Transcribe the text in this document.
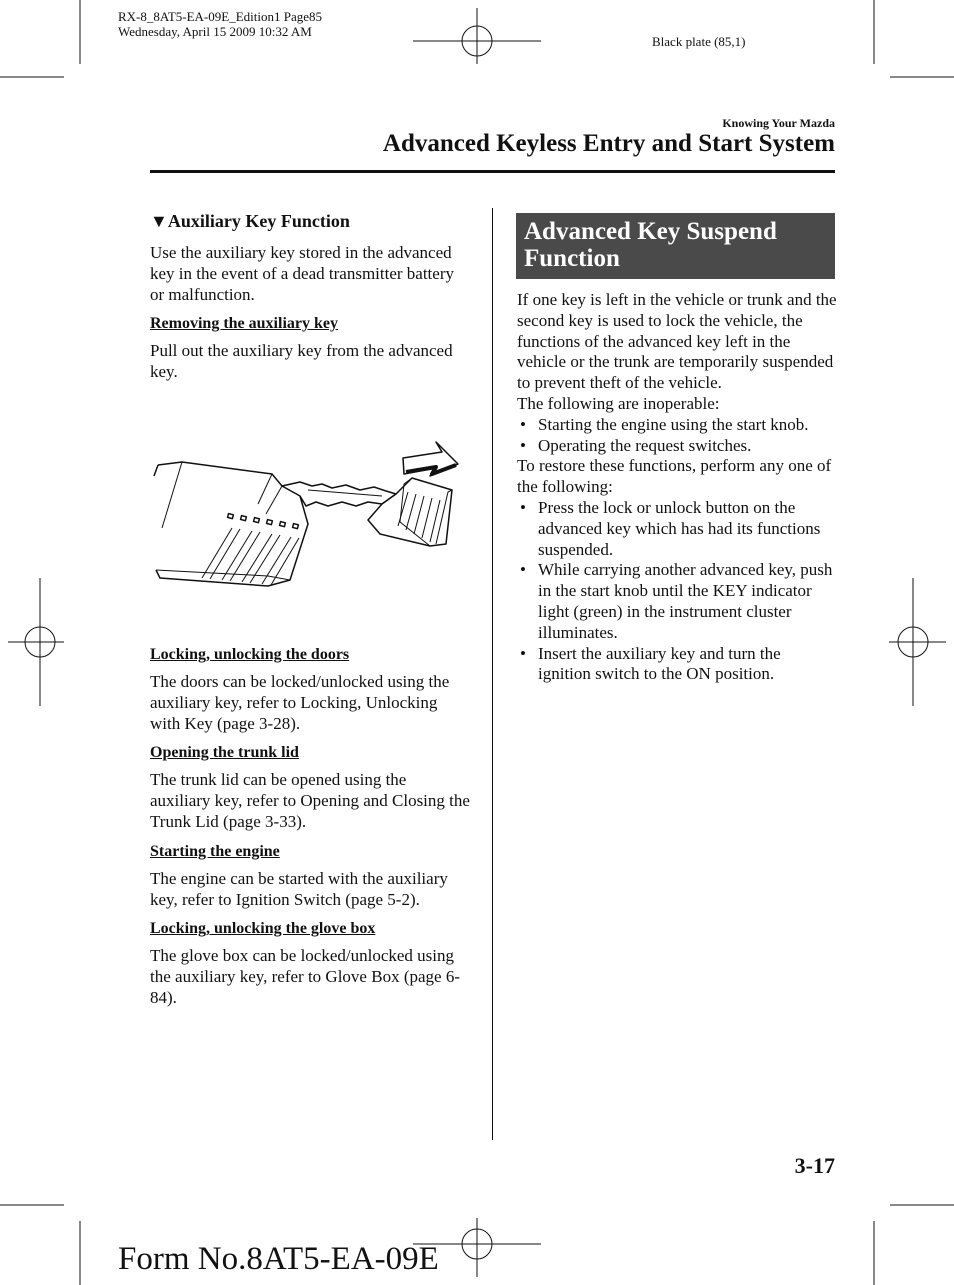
RX-8_8AT5-EA-09E_Edition1 Page85
Wednesday, April 15 2009 10:32 AM
Black plate (85,1)
Knowing Your Mazda
Advanced Keyless Entry and Start System
▼Auxiliary Key Function
Use the auxiliary key stored in the advanced key in the event of a dead transmitter battery or malfunction.
Removing the auxiliary key
Pull out the auxiliary key from the advanced key.
Locking, unlocking the doors
The doors can be locked/unlocked using the auxiliary key, refer to Locking, Unlocking with Key (page 3-28).
Opening the trunk lid
The trunk lid can be opened using the auxiliary key, refer to Opening and Closing the Trunk Lid (page 3-33).
Starting the engine
The engine can be started with the auxiliary key, refer to Ignition Switch (page 5-2).
Locking, unlocking the glove box
The glove box can be locked/unlocked using the auxiliary key, refer to Glove Box (page 6-84).
Advanced Key Suspend Function

If one key is left in the vehicle or trunk and the second key is used to lock the vehicle, the functions of the advanced key left in the vehicle or the trunk are temporarily suspended to prevent theft of the vehicle.

The following are inoperable:

• Starting the engine using the start knob.
• Operating the request switches.

To restore these functions, perform any one of the following:

• Press the lock or unlock button on the advanced key which has had its functions suspended.
• While carrying another advanced key, push in the start knob until the KEY indicator light (green) in the instrument cluster illuminates.
• Insert the auxiliary key and turn the ignition switch to the ON position.
3-17
Form No.8AT5-EA-09E
